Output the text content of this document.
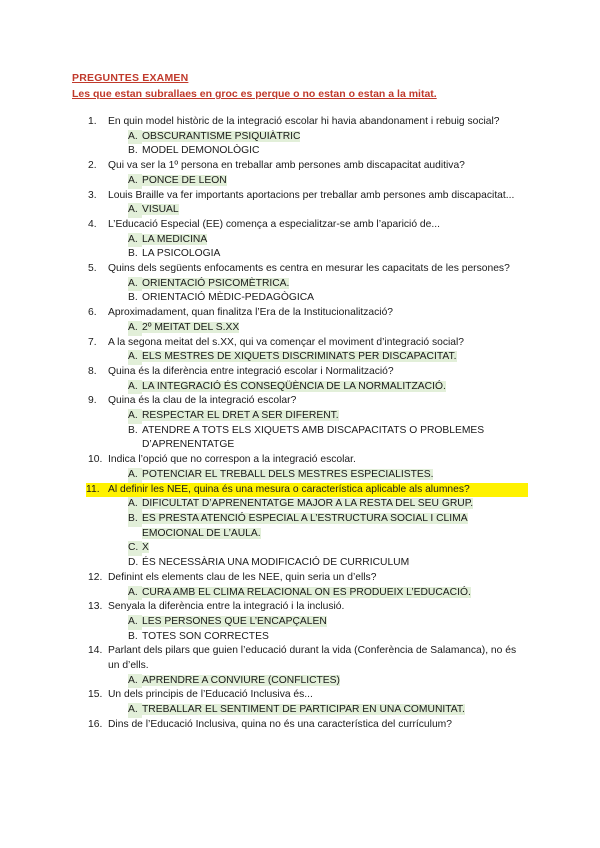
PREGUNTES EXAMEN
Les que estan subrallaes en groc es perque o no estan o estan a la mitat.
1.	En quin model històric de la integració escolar hi havia abandonament i rebuig social?
A. OBSCURANTISME PSIQUIÀTRIC
B. MODEL DEMONOLÒGIC
2.	Qui va ser la 1º persona en treballar amb persones amb discapacitat auditiva?
A. PONCE DE LEON
3.	Louis Braille va fer importants aportacions per treballar amb persones amb discapacitat...
A. VISUAL
4.	L’Educació Especial (EE) comença a especialitzar-se amb l’aparició de...
A. LA MEDICINA
B. LA PSICOLOGIA
5.	Quins dels següents enfocaments es centra en mesurar les capacitats de les persones?
A. ORIENTACIÓ PSICOMÈTRICA.
B. ORIENTACIÓ MÈDIC-PEDAGÒGICA
6.	Aproximadament, quan finalitza l’Era de la Institucionalització?
A. 2º MEITAT DEL S.XX
7.	A la segona meitat del s.XX, qui va començar el moviment d’integració social?
A. ELS MESTRES DE XIQUETS DISCRIMINATS PER DISCAPACITAT.
8.	Quina és la diferència entre integració escolar i Normalització?
A. LA INTEGRACIÓ ÉS CONSEQÜÈNCIA DE LA NORMALITZACIÓ.
9.	Quina és la clau de la integració escolar?
A. RESPECTAR EL DRET A SER DIFERENT.
B. ATENDRE A TOTS ELS XIQUETS AMB DISCAPACITATS O PROBLEMES D’APRENENTATGE
10. Indica l’opció que no correspon a la integració escolar.
A. POTENCIAR EL TREBALL DELS MESTRES ESPECIALISTES.
11. Al definir les NEE, quina és una mesura o característica aplicable als alumnes?
A. DIFICULTAT D’APRENENTATGE MAJOR A LA RESTA DEL SEU GRUP.
B. ES PRESTA ATENCIÓ ESPECIAL A L’ESTRUCTURA SOCIAL I CLIMA EMOCIONAL DE L’AULA.
C. X
D. ÉS NECESSÀRIA UNA MODIFICACIÓ DE CURRICULUM
12. Definint els elements clau de les NEE, quin seria un d’ells?
A. CURA AMB EL CLIMA RELACIONAL ON ES PRODUEIX L’EDUCACIÓ.
13. Senyala la diferència entre la integració i la inclusió.
A. LES PERSONES QUE L’ENCAPÇALEN
B. TOTES SON CORRECTES
14. Parlant dels pilars que guien l’educació durant la vida (Conferència de Salamanca), no és un d’ells.
A. APRENDRE A CONVIURE (CONFLICTES)
15. Un dels principis de l’Educació Inclusiva és...
A. TREBALLAR EL SENTIMENT DE PARTICIPAR EN UNA COMUNITAT.
16. Dins de l’Educació Inclusiva, quina no és una característica del currículum?
